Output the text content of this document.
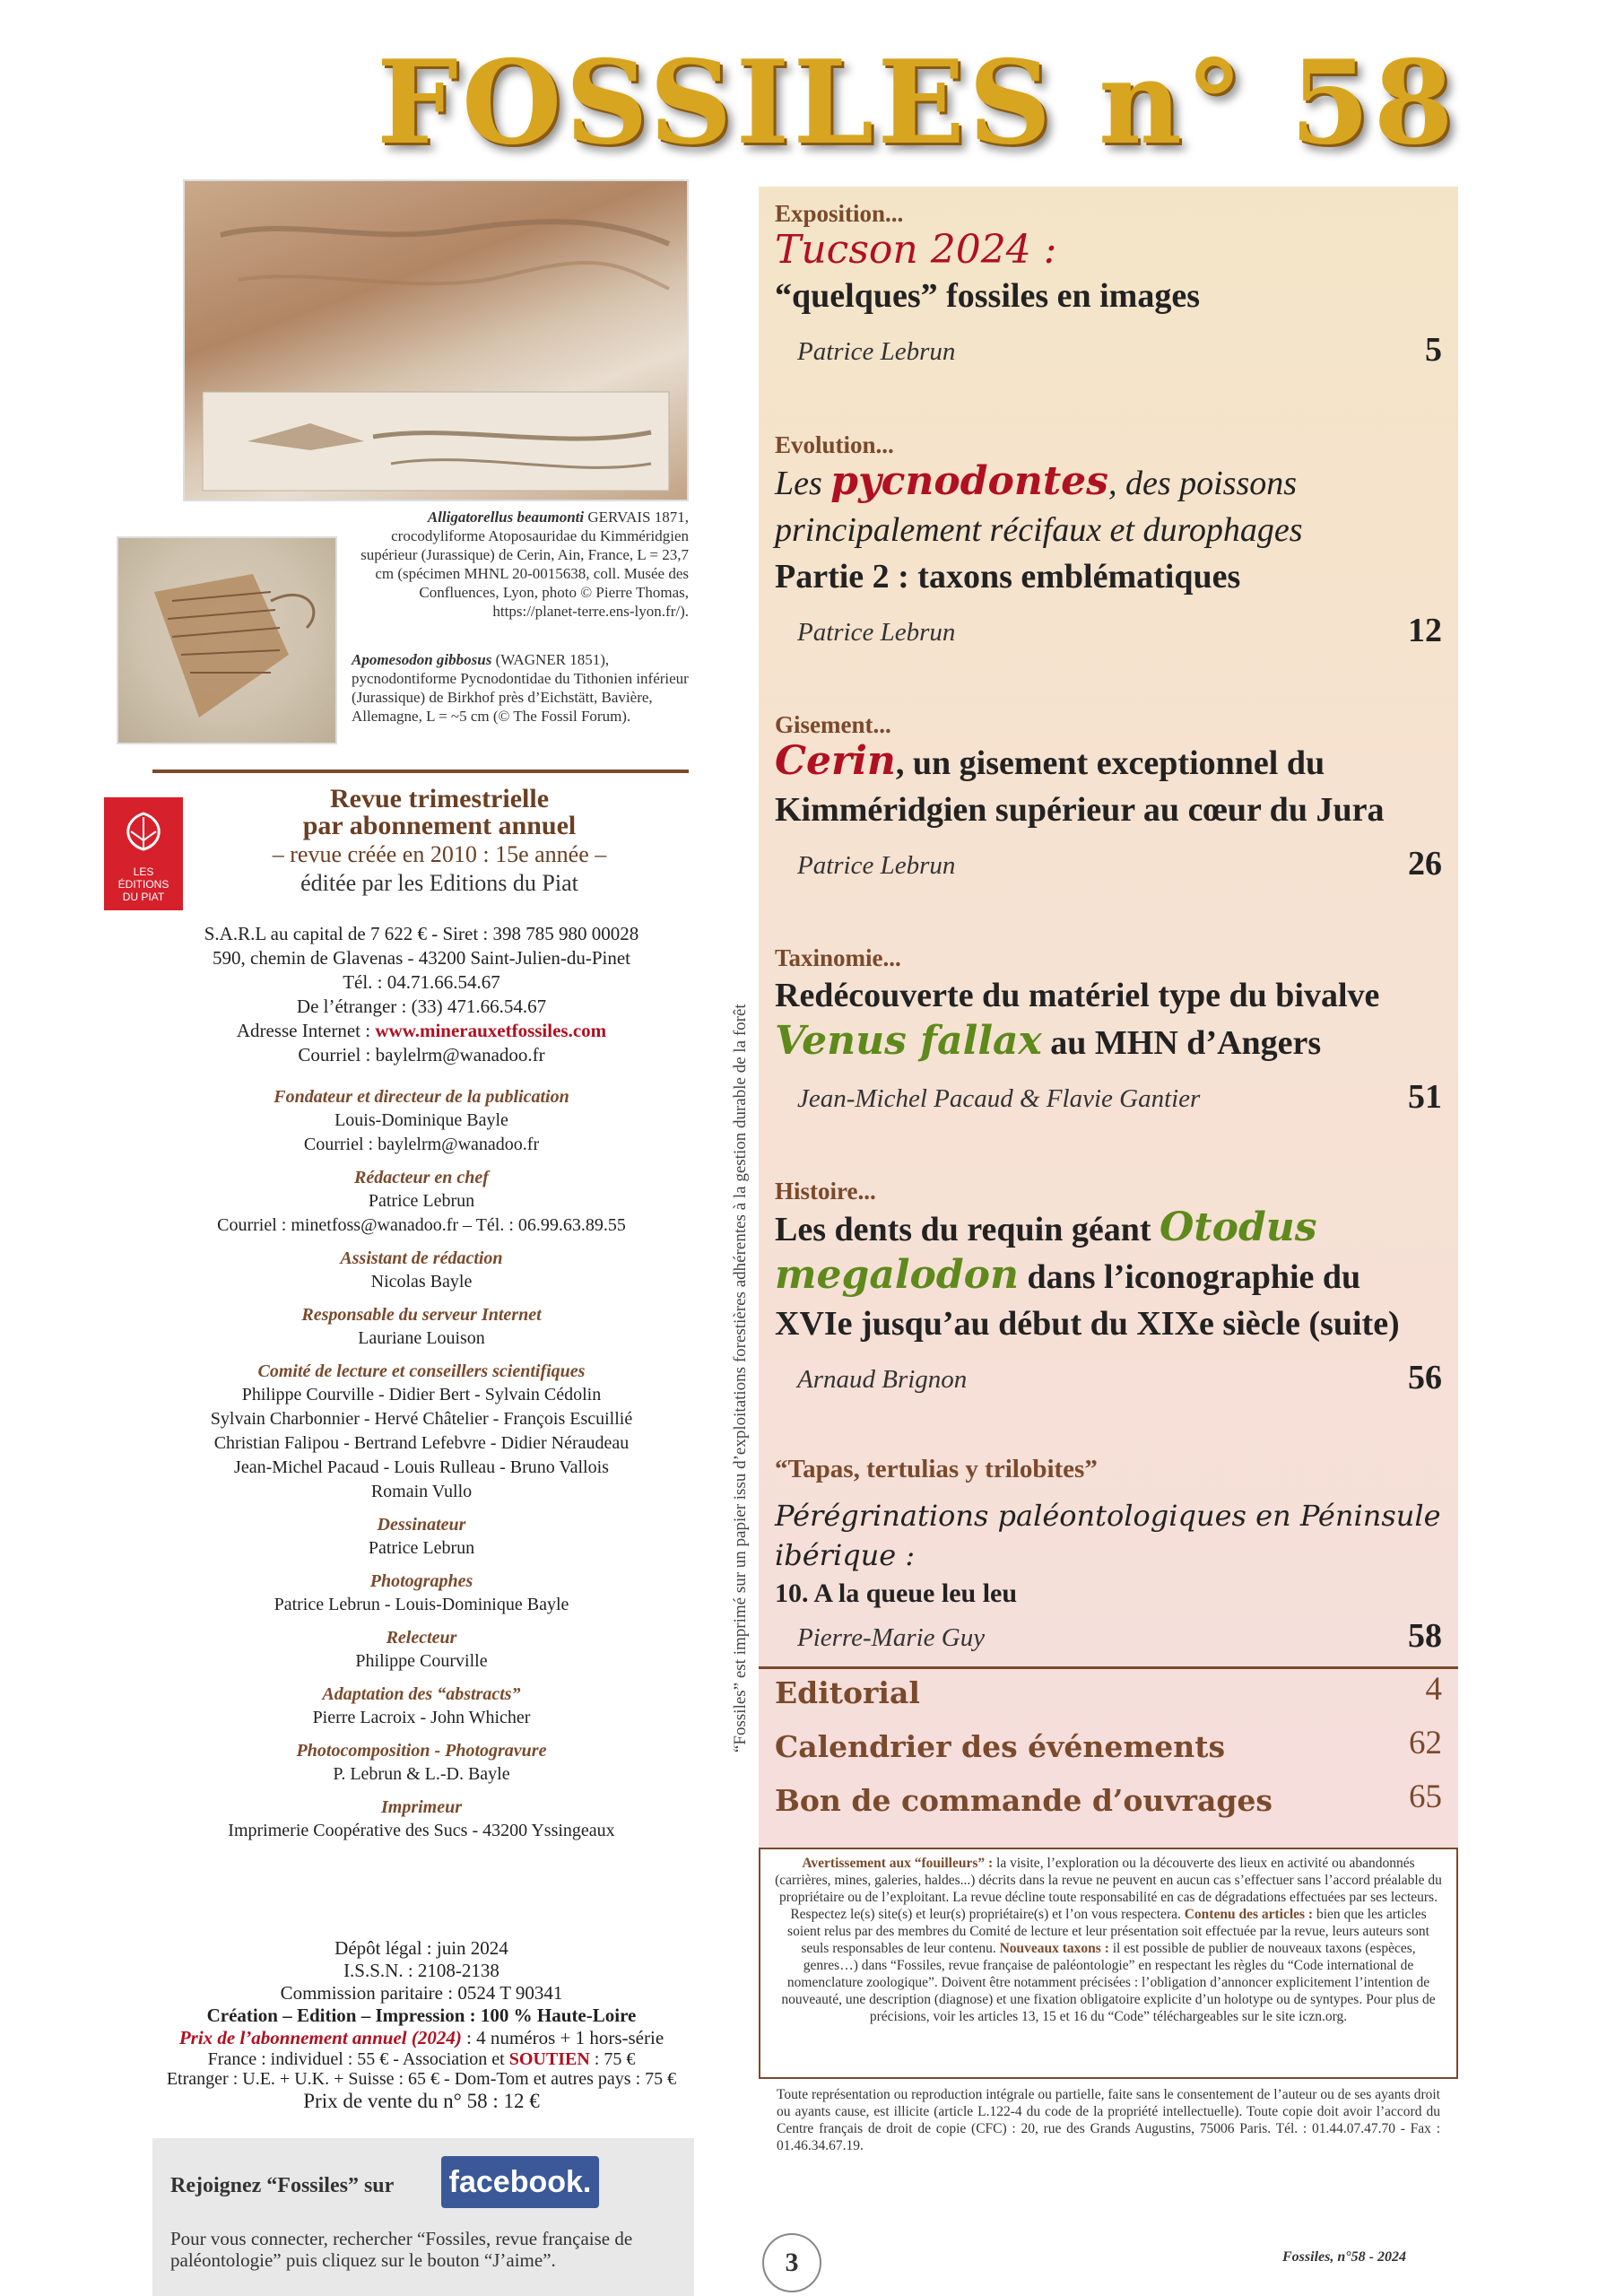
FOSSILES n° 58
Alligatorellus beaumonti GERVAIS 1871, crocodyliforme Atoposauridae du Kimméridgien supérieur (Jurassique) de Cerin, Ain, France, L = 23,7 cm (spécimen MHNL 20-0015638, coll. Musée des Confluences, Lyon, photo © Pierre Thomas, https://planet-terre.ens-lyon.fr/).
Apomesodon gibbosus (WAGNER 1851), pycnodontiforme Pycnodontidae du Tithonien inférieur (Jurassique) de Birkhof près d’Eichstätt, Bavière, Allemagne, L = ~5 cm (© The Fossil Forum).
LES
ÉDITIONS
DU PIAT
Revue trimestrielle
par abonnement annuel
– revue créée en 2010 : 15e année –
éditée par les Editions du Piat
S.A.R.L au capital de 7 622 € - Siret : 398 785 980 00028
590, chemin de Glavenas - 43200 Saint-Julien-du-Pinet
Tél. : 04.71.66.54.67
De l’étranger : (33) 471.66.54.67
Adresse Internet : www.minerauxetfossiles.com
Courriel : baylelrm@wanadoo.fr
Fondateur et directeur de la publication
Louis-Dominique Bayle
Courriel : baylelrm@wanadoo.fr
Rédacteur en chef
Patrice Lebrun
Courriel : minetfoss@wanadoo.fr – Tél. : 06.99.63.89.55
Assistant de rédaction
Nicolas Bayle
Responsable du serveur Internet
Lauriane Louison
Comité de lecture et conseillers scientifiques
Philippe Courville - Didier Bert - Sylvain Cédolin
Sylvain Charbonnier - Hervé Châtelier - François Escuillié
Christian Falipou - Bertrand Lefebvre - Didier Néraudeau
Jean-Michel Pacaud - Louis Rulleau - Bruno Vallois
Romain Vullo
Dessinateur
Patrice Lebrun
Photographes
Patrice Lebrun - Louis-Dominique Bayle
Relecteur
Philippe Courville
Adaptation des “abstracts”
Pierre Lacroix - John Whicher
Photocomposition - Photogravure
P. Lebrun & L.-D. Bayle
Imprimeur
Imprimerie Coopérative des Sucs - 43200 Yssingeaux
Dépôt légal : juin 2024
I.S.S.N. : 2108-2138
Commission paritaire : 0524 T 90341
Création – Edition – Impression : 100 % Haute-Loire
Prix de l’abonnement annuel (2024) : 4 numéros + 1 hors-série
France : individuel : 55 € - Association et SOUTIEN : 75 €
Etranger : U.E. + U.K. + Suisse : 65 € - Dom-Tom et autres pays : 75 €
Prix de vente du n° 58 : 12 €
“Fossiles” est imprimé sur un papier issu d’exploitations forestières adhérentes à la gestion durable de la forêt
Rejoignez “Fossiles” sur facebook.
Pour vous connecter, rechercher “Fossiles, revue française de paléontologie” puis cliquez sur le bouton “J’aime”.
Exposition...
Tucson 2024 :
“quelques” fossiles en images
Patrice Lebrun	5
Evolution...
Les pycnodontes, des poissons
principalement récifaux et durophages
Partie 2 : taxons emblématiques
Patrice Lebrun	12
Gisement...
Cerin, un gisement exceptionnel du
Kimméridgien supérieur au cœur du Jura
Patrice Lebrun	26
Taxinomie...
Redécouverte du matériel type du bivalve
Venus fallax au MHN d’Angers
Jean-Michel Pacaud & Flavie Gantier	51
Histoire...
Les dents du requin géant Otodus
megalodon dans l’iconographie du
XVIe jusqu’au début du XIXe siècle (suite)
Arnaud Brignon	56
“Tapas, tertulias y trilobites”
Pérégrinations paléontologiques en Péninsule ibérique :
10. A la queue leu leu
Pierre-Marie Guy	58
Editorial	4
Calendrier des événements	62
Bon de commande d’ouvrages	65
Avertissement aux “fouilleurs” : la visite, l’exploration ou la découverte des lieux en activité ou abandonnés (carrières, mines, galeries, haldes...) décrits dans la revue ne peuvent en aucun cas s’effectuer sans l’accord préalable du propriétaire ou de l’exploitant. La revue décline toute responsabilité en cas de dégradations effectuées par ses lecteurs. Respectez le(s) site(s) et leur(s) propriétaire(s) et l’on vous respectera. Contenu des articles : bien que les articles soient relus par des membres du Comité de lecture et leur présentation soit effectuée par la revue, leurs auteurs sont seuls responsables de leur contenu. Nouveaux taxons : il est possible de publier de nouveaux taxons (espèces, genres…) dans “Fossiles, revue française de paléontologie” en respectant les règles du “Code international de nomenclature zoologique”. Doivent être notamment précisées : l’obligation d’annoncer explicitement l’intention de nouveauté, une description (diagnose) et une fixation obligatoire explicite d’un holotype ou de syntypes. Pour plus de précisions, voir les articles 13, 15 et 16 du “Code” téléchargeables sur le site iczn.org.
Toute représentation ou reproduction intégrale ou partielle, faite sans le consentement de l’auteur ou de ses ayants droit ou ayants cause, est illicite (article L.122-4 du code de la propriété intellectuelle). Toute copie doit avoir l’accord du Centre français de droit de copie (CFC) : 20, rue des Grands Augustins, 75006 Paris. Tél. : 01.44.07.47.70 - Fax : 01.46.34.67.19.
3	Fossiles, n°58 - 2024
